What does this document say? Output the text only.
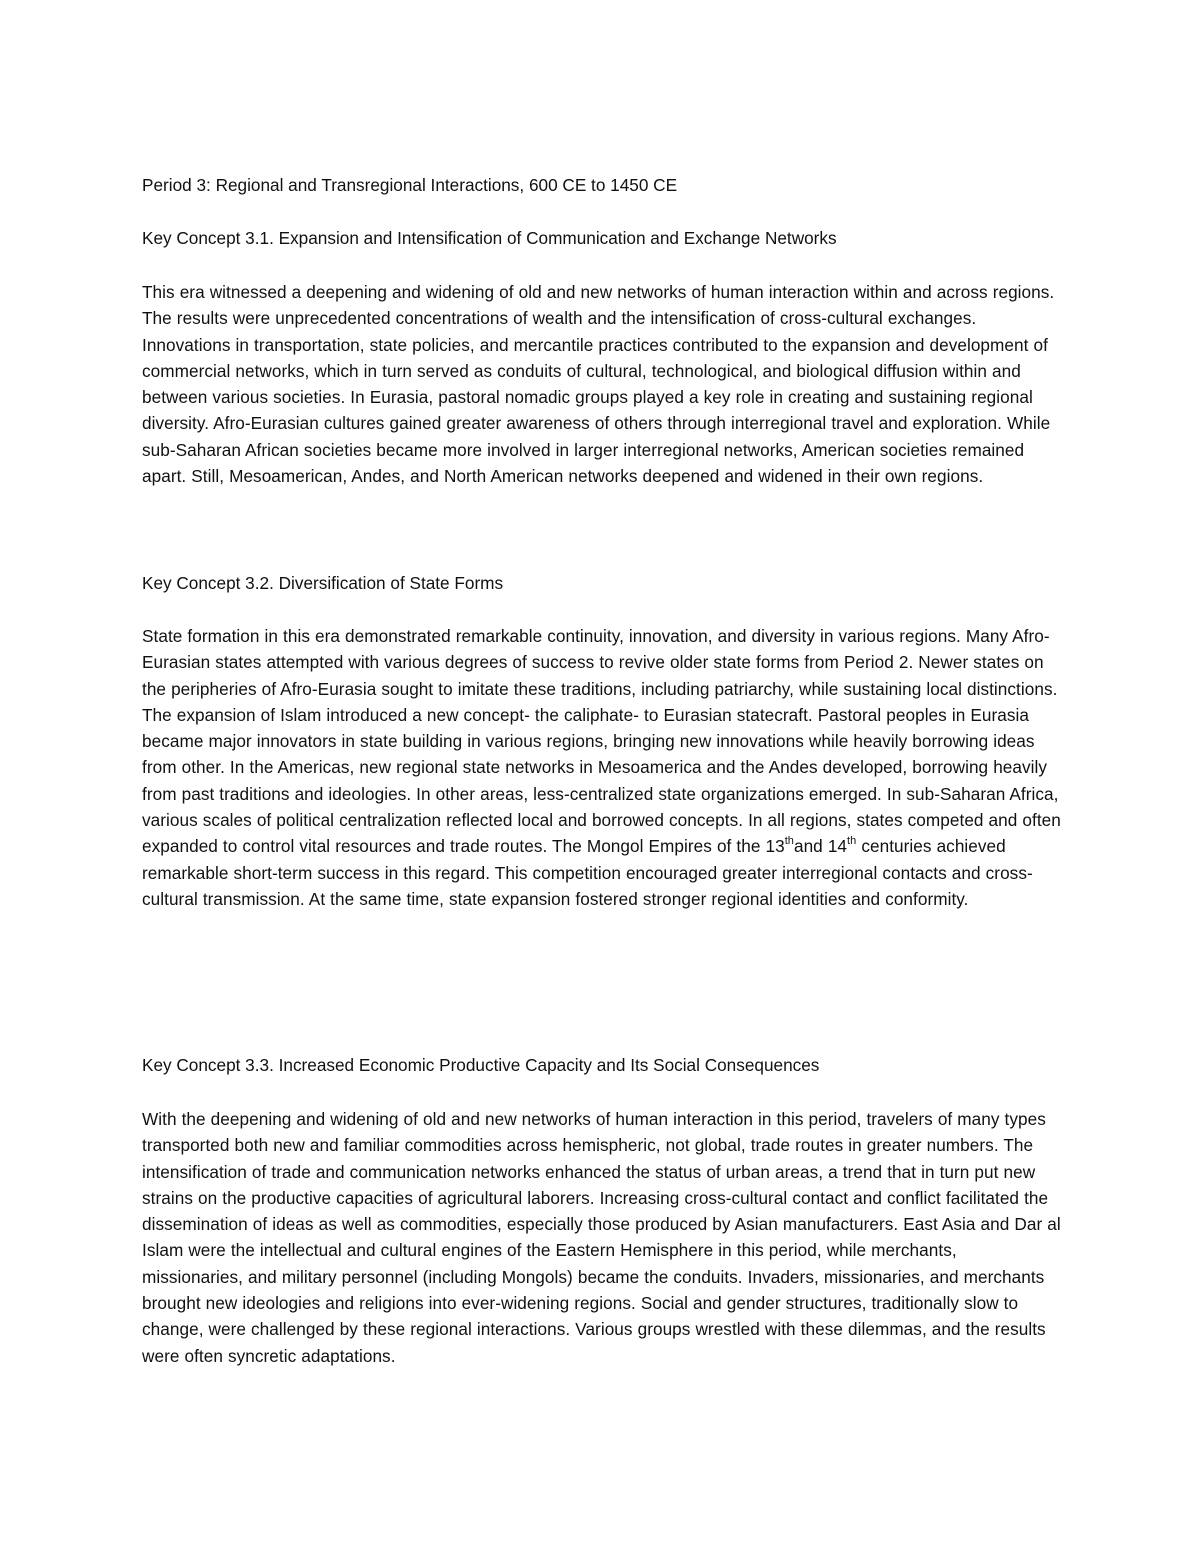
Period 3: Regional and Transregional Interactions, 600 CE to 1450 CE
Key Concept 3.1. Expansion and Intensification of Communication and Exchange Networks
This era witnessed a deepening and widening of old and new networks of human interaction within and across regions. The results were unprecedented concentrations of wealth and the intensification of cross-cultural exchanges. Innovations in transportation, state policies, and mercantile practices contributed to the expansion and development of commercial networks, which in turn served as conduits of cultural, technological, and biological diffusion within and between various societies. In Eurasia, pastoral nomadic groups played a key role in creating and sustaining regional diversity. Afro-Eurasian cultures gained greater awareness of others through interregional travel and exploration. While sub-Saharan African societies became more involved in larger interregional networks, American societies remained apart. Still, Mesoamerican, Andes, and North American networks deepened and widened in their own regions.
Key Concept 3.2. Diversification of State Forms
State formation in this era demonstrated remarkable continuity, innovation, and diversity in various regions. Many Afro-Eurasian states attempted with various degrees of success to revive older state forms from Period 2. Newer states on the peripheries of Afro-Eurasia sought to imitate these traditions, including patriarchy, while sustaining local distinctions. The expansion of Islam introduced a new concept- the caliphate- to Eurasian statecraft. Pastoral peoples in Eurasia became major innovators in state building in various regions, bringing new innovations while heavily borrowing ideas from other. In the Americas, new regional state networks in Mesoamerica and the Andes developed, borrowing heavily from past traditions and ideologies. In other areas, less-centralized state organizations emerged. In sub-Saharan Africa, various scales of political centralization reflected local and borrowed concepts. In all regions, states competed and often expanded to control vital resources and trade routes. The Mongol Empires of the 13thand 14th centuries achieved remarkable short-term success in this regard. This competition encouraged greater interregional contacts and cross-cultural transmission. At the same time, state expansion fostered stronger regional identities and conformity.
Key Concept 3.3. Increased Economic Productive Capacity and Its Social Consequences
With the deepening and widening of old and new networks of human interaction in this period, travelers of many types transported both new and familiar commodities across hemispheric, not global, trade routes in greater numbers. The intensification of trade and communication networks enhanced the status of urban areas, a trend that in turn put new strains on the productive capacities of agricultural laborers. Increasing cross-cultural contact and conflict facilitated the dissemination of ideas as well as commodities, especially those produced by Asian manufacturers. East Asia and Dar al Islam were the intellectual and cultural engines of the Eastern Hemisphere in this period, while merchants, missionaries, and military personnel (including Mongols) became the conduits. Invaders, missionaries, and merchants brought new ideologies and religions into ever-widening regions. Social and gender structures, traditionally slow to change, were challenged by these regional interactions. Various groups wrestled with these dilemmas, and the results were often syncretic adaptations.
